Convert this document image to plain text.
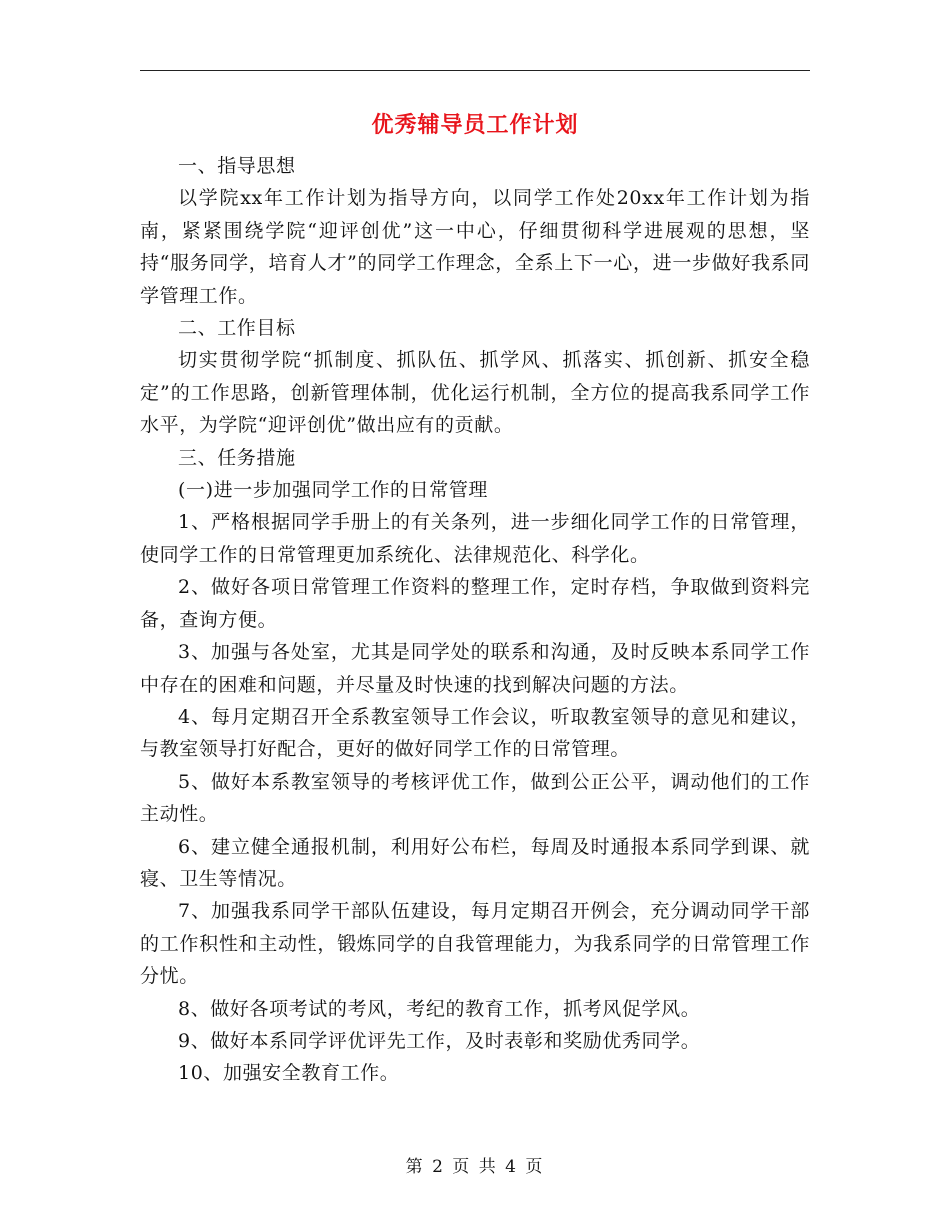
优秀辅导员工作计划

一、指导思想

以学院xx年工作计划为指导方向，以同学工作处20xx年工作计划为指南，紧紧围绕学院“迎评创优”这一中心，仔细贯彻科学进展观的思想，坚持“服务同学，培育人才”的同学工作理念，全系上下一心，进一步做好我系同学管理工作。

二、工作目标

切实贯彻学院“抓制度、抓队伍、抓学风、抓落实、抓创新、抓安全稳定”的工作思路，创新管理体制，优化运行机制，全方位的提高我系同学工作水平，为学院“迎评创优”做出应有的贡献。

三、任务措施

(一)进一步加强同学工作的日常管理

1、严格根据同学手册上的有关条列，进一步细化同学工作的日常管理，使同学工作的日常管理更加系统化、法律规范化、科学化。

2、做好各项日常管理工作资料的整理工作，定时存档，争取做到资料完备，查询方便。

3、加强与各处室，尤其是同学处的联系和沟通，及时反映本系同学工作中存在的困难和问题，并尽量及时快速的找到解决问题的方法。

4、每月定期召开全系教室领导工作会议，听取教室领导的意见和建议，与教室领导打好配合，更好的做好同学工作的日常管理。

5、做好本系教室领导的考核评优工作，做到公正公平，调动他们的工作主动性。

6、建立健全通报机制，利用好公布栏，每周及时通报本系同学到课、就寝、卫生等情况。

7、加强我系同学干部队伍建设，每月定期召开例会，充分调动同学干部的工作积性和主动性，锻炼同学的自我管理能力，为我系同学的日常管理工作分忧。

8、做好各项考试的考风，考纪的教育工作，抓考风促学风。

9、做好本系同学评优评先工作，及时表彰和奖励优秀同学。

10、加强安全教育工作。

第 2 页 共 4 页
